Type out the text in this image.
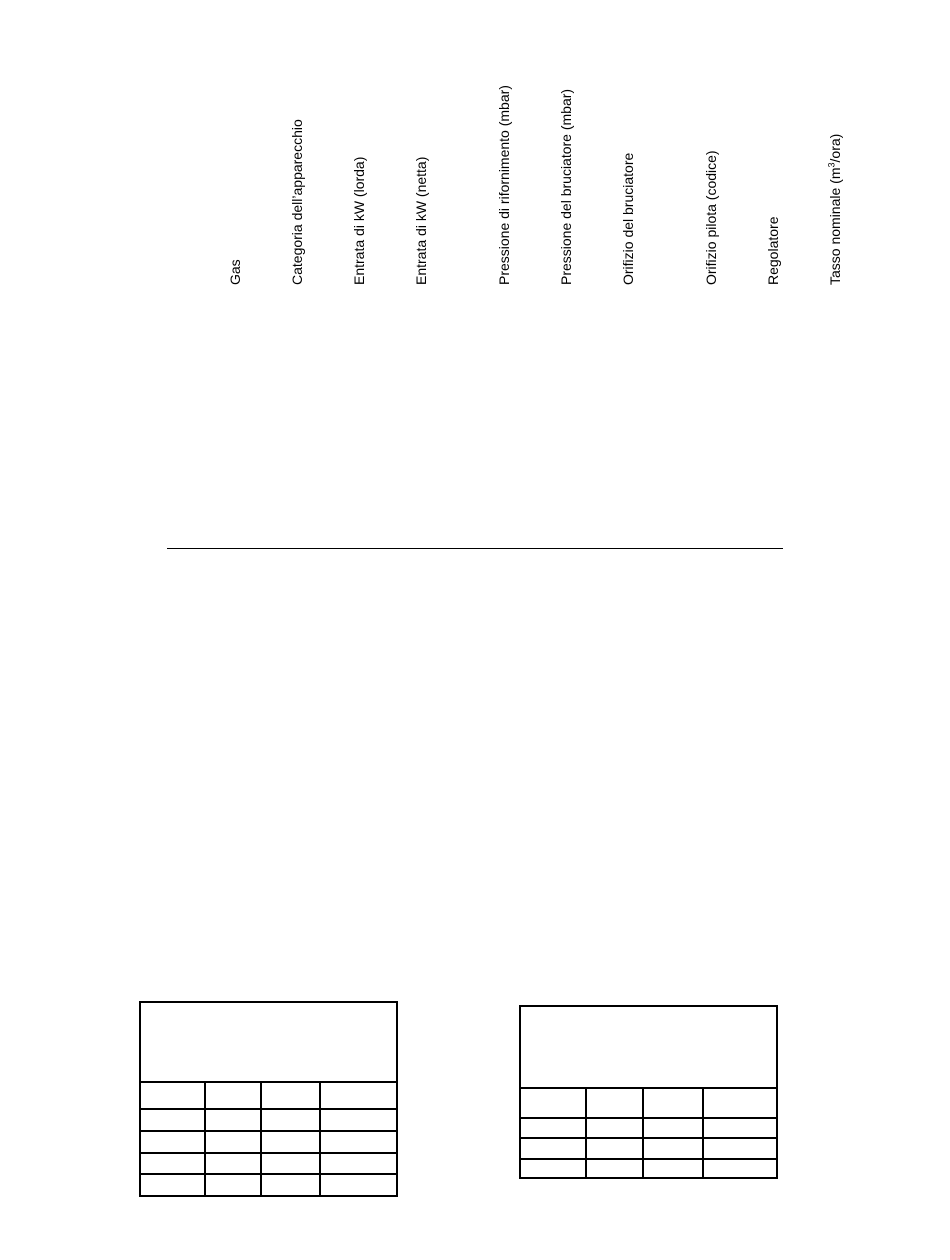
Gas	Categoria dell’apparecchio	Entrata di kW (lorda)	Entrata di kW (netta)	Pressione di rifornimento (mbar)	Pressione del bruciatore (mbar)	Orifizio del bruciatore	Orifizio pilota (codice)	Regolatore	Tasso nominale $(m^3/ora)$
